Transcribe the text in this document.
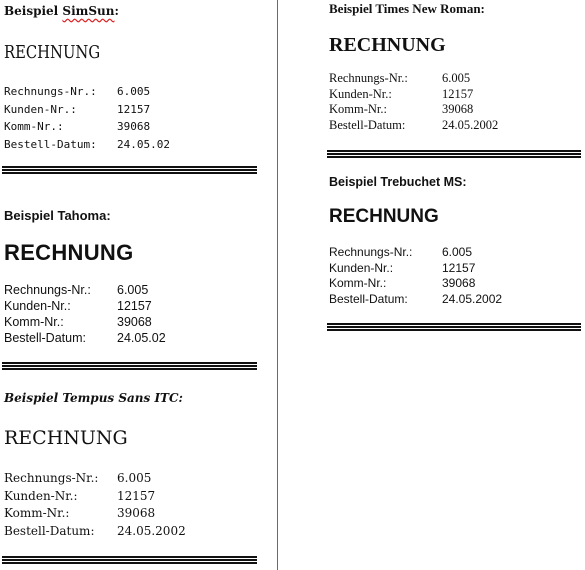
Beispiel SimSun:
RECHNUNG
Rechnungs-Nr.: 6.005
Kunden-Nr.:	12157
Komm-Nr.:	39068
Bestell-Datum: 24.05.02
Beispiel Tahoma:
RECHNUNG
Rechnungs-Nr.: 6.005
Kunden-Nr.:	12157
Komm-Nr.:	39068
Bestell-Datum: 24.05.02
Beispiel Tempus Sans ITC:
RECHNUNG
Rechnungs-Nr.: 6.005
Kunden-Nr.:	12157
Komm-Nr.:	39068
Bestell-Datum: 24.05.2002
Beispiel Times New Roman:
RECHNUNG
Rechnungs-Nr.:	6.005
Kunden-Nr.:	12157
Komm-Nr.:	39068
Bestell-Datum:	24.05.2002
Beispiel Trebuchet MS:
RECHNUNG
Rechnungs-Nr.: 6.005
Kunden-Nr.:	12157
Komm-Nr.:	39068
Bestell-Datum:	24.05.2002
